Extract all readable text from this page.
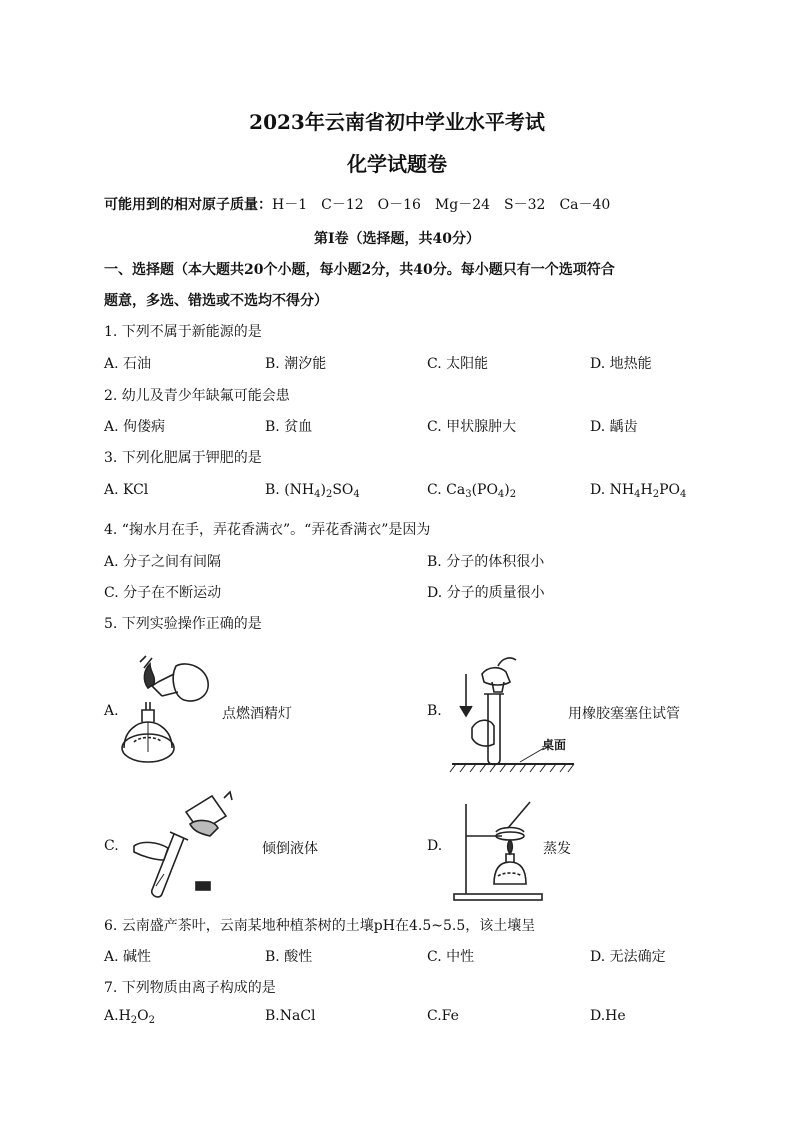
2023年云南省初中学业水平考试
化学试题卷
可能用到的相对原子质量：H－1　C－12　O－16　Mg－24　S－32　Ca－40
第Ⅰ卷（选择题，共40分）
一、选择题（本大题共20个小题，每小题2分，共40分。每小题只有一个选项符合
题意，多选、错选或不选均不得分）
1. 下列不属于新能源的是
A. 石油	B. 潮汐能	C. 太阳能	D. 地热能
2. 幼儿及青少年缺氟可能会患
A. 佝偻病	B. 贫血	C. 甲状腺肿大	D. 龋齿
3. 下列化肥属于钾肥的是
A. KCl	B. $(NH_4)_2SO_4$	C. $Ca_3(PO_4)_2$	D. $NH_4H_2PO_4$
4. “掬水月在手，弄花香满衣”。“弄花香满衣”是因为
A. 分子之间有间隔	B. 分子的体积很小
C. 分子在不断运动	D. 分子的质量很小
5. 下列实验操作正确的是
A.	点燃酒精灯	B.
桌面
用橡胶塞塞住试管
C.	倾倒液体	D.	蒸发
6. 云南盛产茶叶，云南某地种植茶树的土壤pH在4.5~5.5，该土壤呈
A. 碱性	B. 酸性	C. 中性	D. 无法确定
7. 下列物质由离子构成的是
$A.H_2O_2$	B.NaCl	C.Fe	D.He
